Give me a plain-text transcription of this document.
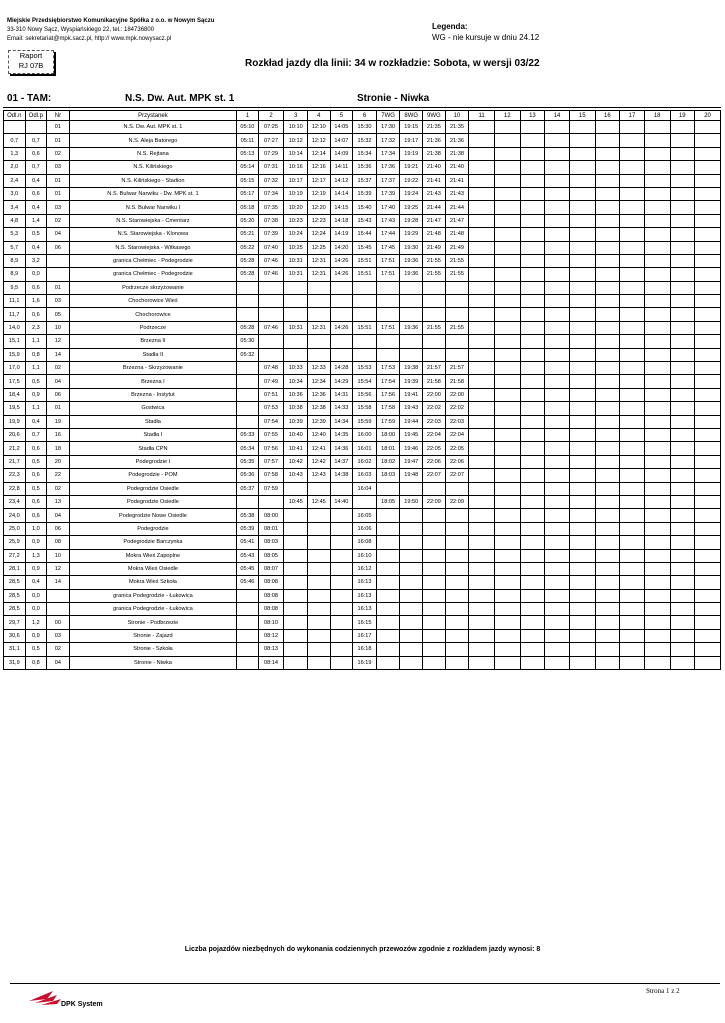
Miejskie Przedsiębiorstwo Komunikacyjne Spółka z o.o. w Nowym Sączu
33-310 Nowy Sącz, Wyspiańskiego 22, tel.: 184736800
Email: sekretariat@mpk.sacz.pl, http:// www.mpk.nowysacz.pl
Legenda:
WG - nie kursuje w dniu 24.12
Raport
RJ 07B	Rozkład jazdy dla linii: 34 w rozkładzie: Sobota, w wersji 03/22
01 - TAM:	N.S. Dw. Aut. MPK st. 1	Stronie - Niwka
Odl.n	Odl.p	Nr	Przystanek	1	2	3	4	5	6	7WG	8WG	9WG	10	11	12	13	14	15	16	17	18	19	20
		01	N.S. Dw. Aut. MPK st. 1	05:10	07:25	10:10	12:10	14:05	15:30	17:30	19:15	21:35	21:35										
0,7	0,7	01	N.S. Aleja Batorego	05:11	07:27	10:12	12:12	14:07	15:32	17:32	19:17	21:36	21:36										
1,3	0,6	02	N.S. Rejtana	05:13	07:29	10:14	12:14	14:09	15:34	17:34	19:19	21:38	21:38										
2,0	0,7	03	N.S. Kilińskiego	05:14	07:31	10:16	12:16	14:11	15:36	17:36	19:21	21:40	21:40										
2,4	0,4	01	N.S. Kilińskiego - Stadion	05:15	07:32	10:17	12:17	14:12	15:37	17:37	19:22	21:41	21:41										
3,0	0,6	01	N.S. Bulwar Narwiku - Dw. MPK st. 1	05:17	07:34	10:19	12:19	14:14	15:39	17:39	19:24	21:43	21:43										
3,4	0,4	03	N.S. Bulwar Narwiku I	05:18	07:35	10:20	12:20	14:15	15:40	17:40	19:25	21:44	21:44										
4,8	1,4	02	N.S. Starowiejska - Cmentarz	05:20	07:38	10:23	12:23	14:18	15:43	17:43	19:28	21:47	21:47										
5,3	0,5	04	N.S. Starowiejska - Klonowa	05:21	07:39	10:24	12:24	14:19	15:44	17:44	19:29	21:48	21:48										
5,7	0,4	06	N.S. Starowiejska - Witkasego	05:22	07:40	10:25	12:25	14:20	15:45	17:45	19:30	21:49	21:49										
8,9	3,2		granica Chełmiec - Podegrodzie	05:28	07:46	10:31	12:31	14:26	15:51	17:51	19:36	21:55	21:55										
8,9	0,0		granica Chełmiec - Podegrodzie	05:28	07:46	10:31	12:31	14:26	15:51	17:51	19:36	21:55	21:55										
9,5	0,6	01	Podrzecze skrzyżowanie																				
11,1	1,6	03	Chochorowice Wieś																				
11,7	0,6	05	Chochorowice																				
14,0	2,3	10	Podrzecze	05:28	07:46	10:31	12:31	14:26	15:51	17:51	19:36	21:55	21:55										
15,1	1,1	12	Brzezna II	05:30																			
15,9	0,8	14	Stadła II	05:32																			
17,0	1,1	02	Brzezna - Skrzyżowanie		07:48	10:33	12:33	14:28	15:53	17:53	19:38	21:57	21:57										
17,5	0,5	04	Brzezna I		07:49	10:34	12:34	14:29	15:54	17:54	19:39	21:58	21:58										
18,4	0,9	06	Brzezna - Instytut		07:51	10:36	12:36	14:31	15:56	17:56	19:41	22:00	22:00										
19,5	1,1	01	Gostwica		07:53	10:38	12:38	14:33	15:58	17:58	19:43	22:02	22:02										
19,9	0,4	19	Stadła		07:54	10:39	12:39	14:34	15:59	17:59	19:44	22:03	22:03										
20,6	0,7	16	Stadła I	05:33	07:55	10:40	12:40	14:35	16:00	18:00	19:45	22:04	22:04										
21,2	0,6	18	Stadła CPN	05:34	07:56	10:41	12:41	14:36	16:01	18:01	19:46	22:05	22:05										
21,7	0,5	20	Podegrodzie I	05:35	07:57	10:42	12:42	14:37	16:02	18:02	19:47	22:06	22:06										
22,3	0,6	22	Podegrodzie - POM	05:36	07:58	10:43	12:43	14:38	16:03	18:03	19:48	22:07	22:07										
22,8	0,5	02	Podegrodzie Osiedle	05:37	07:59				16:04														
23,4	0,6	13	Podegrodzie Osiedle			10:45	12:45	14:40		18:05	19:50	22:09	22:09										
24,0	0,6	04	Podegrodzie Nowe Osiedle	05:38	08:00				16:05														
25,0	1,0	06	Podegrodzie	05:39	08:01				16:06														
25,9	0,9	08	Podegrodzie Barczynka	05:41	08:03				16:08														
27,2	1,3	10	Mokra Wieś Zapoplne	05:43	08:05				16:10														
28,1	0,9	12	Mokra Wieś Osiedle	05:45	08:07				16:12														
28,5	0,4	14	Mokra Wieś Szkoła	05:46	08:08				16:13														
28,5	0,0		granica Podegrodzie - Łukowica		08:08				16:13														
28,5	0,0		granica Podegrodzie - Łukowica		08:08				16:13														
29,7	1,2	00	Stronie - Podbrzezie		08:10				16:15														
30,6	0,9	03	Stronie - Zajazd		08:12				16:17														
31,1	0,5	02	Stronie - Szkoła		08:13				16:18														
31,9	0,8	04	Stronie - Niwka		08:14				16:19														
Liczba pojazdów niezbędnych do wykonania codziennych przewozów zgodnie z rozkładem jazdy wynosi: 8
DPK System
Strona 1 z 2
